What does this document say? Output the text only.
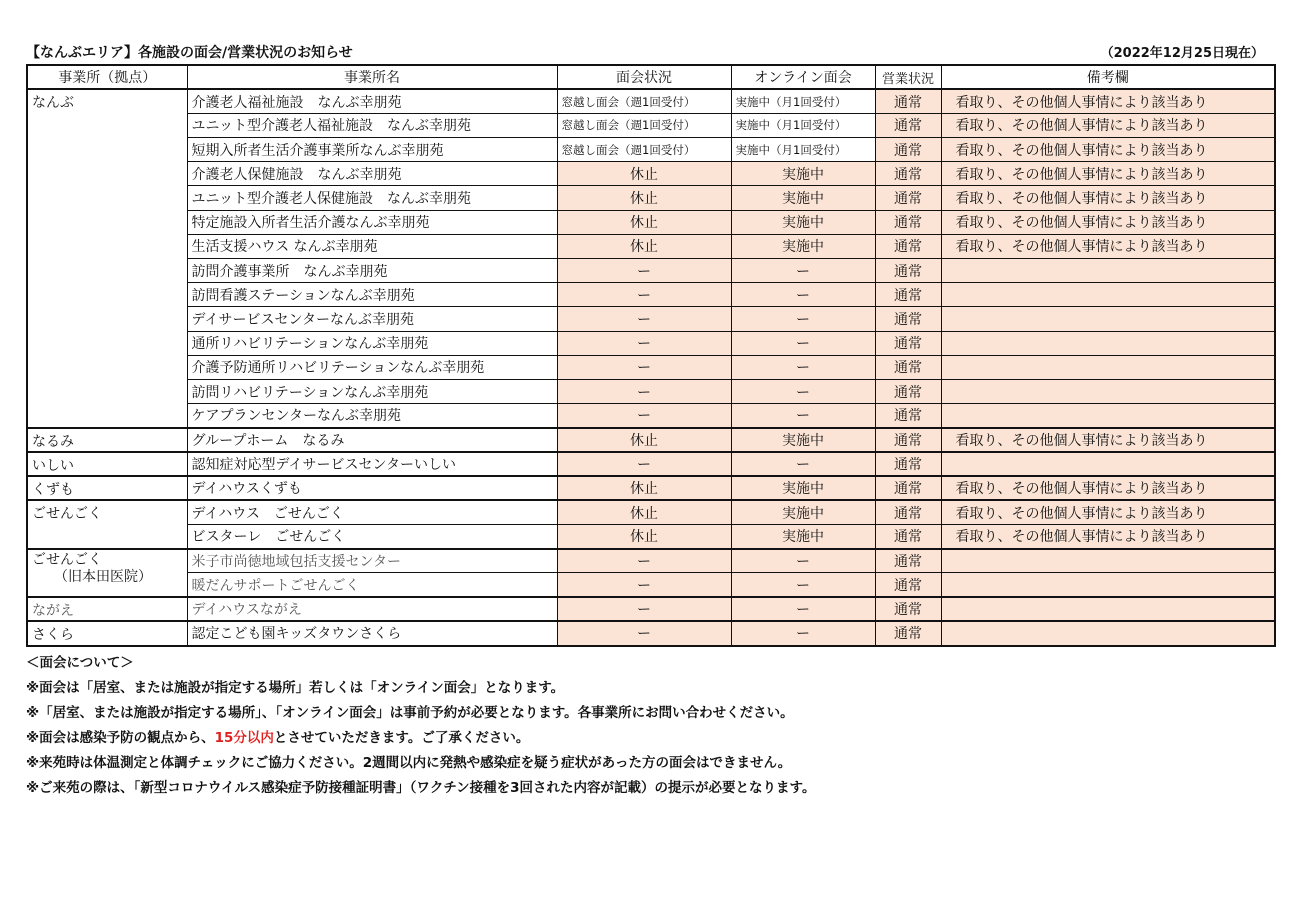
【なんぶエリア】各施設の面会/営業状況のお知らせ	（2022年12月25日現在）
事業所（拠点）	事業所名	面会状況	オンライン面会	営業状況	備考欄
なんぶ	介護老人福祉施設　なんぶ幸朋苑	窓越し面会（週1回受付）	実施中（月1回受付）	通常	看取り、その他個人事情により該当あり
	ユニット型介護老人福祉施設　なんぶ幸朋苑	窓越し面会（週1回受付）	実施中（月1回受付）	通常	看取り、その他個人事情により該当あり
	短期入所者生活介護事業所なんぶ幸朋苑	窓越し面会（週1回受付）	実施中（月1回受付）	通常	看取り、その他個人事情により該当あり
	介護老人保健施設　なんぶ幸朋苑	休止	実施中	通常	看取り、その他個人事情により該当あり
	ユニット型介護老人保健施設　なんぶ幸朋苑	休止	実施中	通常	看取り、その他個人事情により該当あり
	特定施設入所者生活介護なんぶ幸朋苑	休止	実施中	通常	看取り、その他個人事情により該当あり
	生活支援ハウス なんぶ幸朋苑	休止	実施中	通常	看取り、その他個人事情により該当あり
	訪問介護事業所　なんぶ幸朋苑	ー	ー	通常	
	訪問看護ステーションなんぶ幸朋苑	ー	ー	通常	
	デイサービスセンターなんぶ幸朋苑	ー	ー	通常	
	通所リハビリテーションなんぶ幸朋苑	ー	ー	通常	
	介護予防通所リハビリテーションなんぶ幸朋苑	ー	ー	通常	
	訪問リハビリテーションなんぶ幸朋苑	ー	ー	通常	
	ケアプランセンターなんぶ幸朋苑	ー	ー	通常	
なるみ	グループホーム　なるみ	休止	実施中	通常	看取り、その他個人事情により該当あり
いしい	認知症対応型デイサービスセンターいしい	ー	ー	通常	
くずも	デイハウスくずも	休止	実施中	通常	看取り、その他個人事情により該当あり
ごせんごく	デイハウス　ごせんごく	休止	実施中	通常	看取り、その他個人事情により該当あり
	ビスターレ　ごせんごく	休止	実施中	通常	看取り、その他個人事情により該当あり

ごせんごく
（旧本田医院）	米子市尚徳地域包括支援センター	ー	ー	通常	
	暖だんサポートごせんごく	ー	ー	通常	
ながえ	デイハウスながえ	ー	ー	通常	
さくら	認定こども園キッズタウンさくら	ー	ー	通常	
＜面会について＞
※面会は「居室、または施設が指定する場所」若しくは「オンライン面会」となります。
※「居室、または施設が指定する場所」、「オンライン面会」は事前予約が必要となります。各事業所にお問い合わせください。
※面会は感染予防の観点から、15分以内とさせていただきます。ご了承ください。
※来苑時は体温測定と体調チェックにご協力ください。2週間以内に発熱や感染症を疑う症状があった方の面会はできません。
※ご来苑の際は、「新型コロナウイルス感染症予防接種証明書」（ワクチン接種を3回された内容が記載）の提示が必要となります。
